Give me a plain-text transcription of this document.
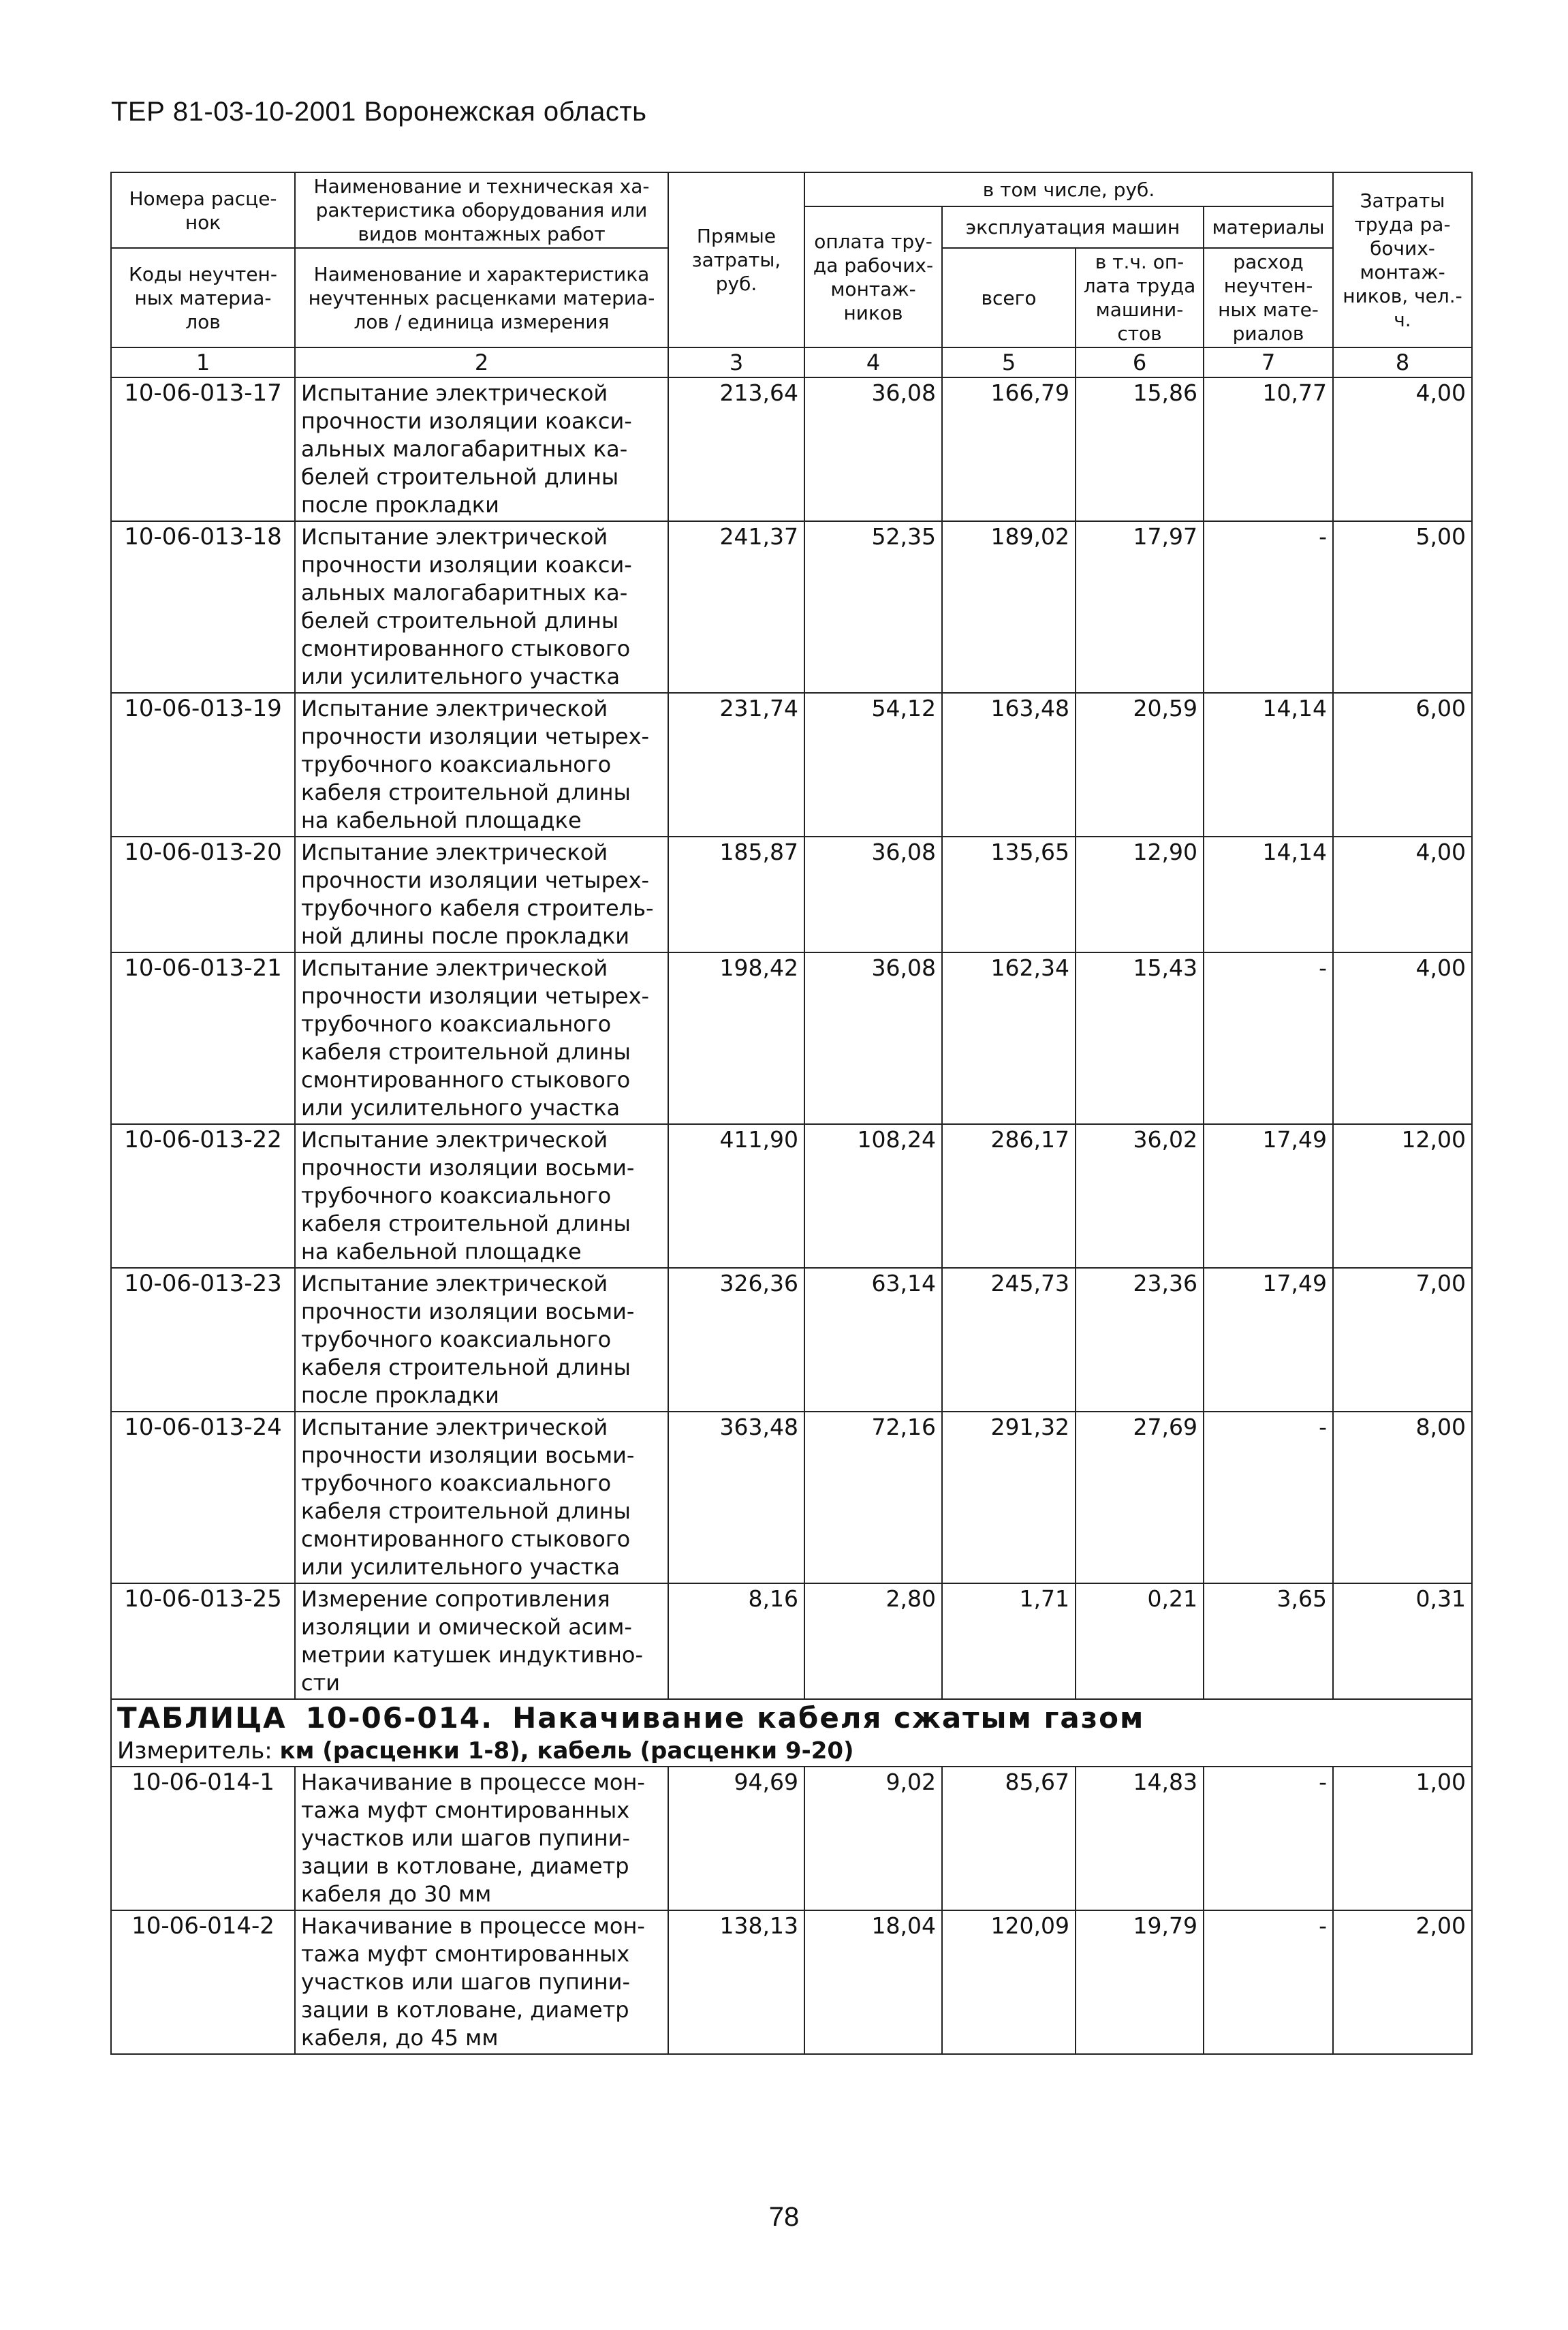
ТЕР 81-03-10-2001 Воронежская область
Номера расце-нок	Наименование и техническая ха-рактеристика оборудования или видов монтажных работ	Прямые затраты, руб.	в том числе, руб.				Затраты труда ра-бочих-монтаж-ников, чел.-ч.
			оплата тру-да рабочих-монтаж-ников	эксплуатация машин		материалы	
Коды неучтен-ных материа-лов	Наименование и характеристика неучтенных расценками материа-лов / единица измерения			всего	в т.ч. оп-лата труда машини-стов	расход неучтен-ных мате-риалов	

1	2	3	4	5	6	7	8
10-06-013-17	Испытание электрической прочности изоляции коакси-альных малогабаритных ка-белей строительной длины после прокладки	213,64	36,08	166,79	15,86	10,77	4,00
10-06-013-18	Испытание электрической прочности изоляции коакси-альных малогабаритных ка-белей строительной длины смонтированного стыкового или усилительного участка	241,37	52,35	189,02	17,97	-	5,00
10-06-013-19	Испытание электрической прочности изоляции четырех-трубочного коаксиального кабеля строительной длины на кабельной площадке	231,74	54,12	163,48	20,59	14,14	6,00
10-06-013-20	Испытание электрической прочности изоляции четырех-трубочного кабеля строитель-ной длины после прокладки	185,87	36,08	135,65	12,90	14,14	4,00
10-06-013-21	Испытание электрической прочности изоляции четырех-трубочного коаксиального кабеля строительной длины смонтированного стыкового или усилительного участка	198,42	36,08	162,34	15,43	-	4,00
10-06-013-22	Испытание электрической прочности изоляции восьми-трубочного коаксиального кабеля строительной длины на кабельной площадке	411,90	108,24	286,17	36,02	17,49	12,00
10-06-013-23	Испытание электрической прочности изоляции восьми-трубочного коаксиального кабеля строительной длины после прокладки	326,36	63,14	245,73	23,36	17,49	7,00
10-06-013-24	Испытание электрической прочности изоляции восьми-трубочного коаксиального кабеля строительной длины смонтированного стыкового или усилительного участка	363,48	72,16	291,32	27,69	-	8,00
10-06-013-25	Измерение сопротивления изоляции и омической асим-метрии катушек индуктивно-сти	8,16	2,80	1,71	0,21	3,65	0,31
ТАБЛИЦА 10-06-014. Накачивание кабеля сжатым газом							
Измеритель: км (расценки 1-8), кабель (расценки 9-20)							
10-06-014-1	Накачивание в процессе мон-тажа муфт смонтированных участков или шагов пупини-зации в котловане, диаметр кабеля до 30 мм	94,69	9,02	85,67	14,83	-	1,00
10-06-014-2	Накачивание в процессе мон-тажа муфт смонтированных участков или шагов пупини-зации в котловане, диаметр кабеля, до 45 мм	138,13	18,04	120,09	19,79	-	2,00
78
